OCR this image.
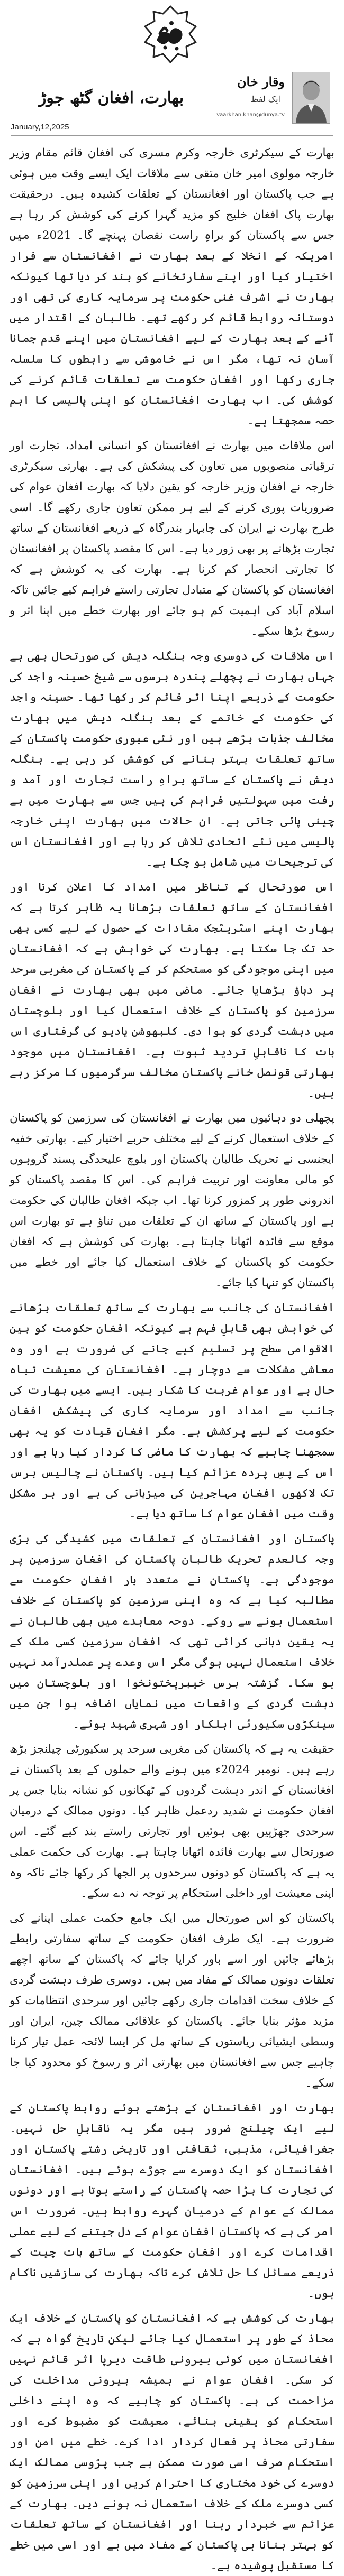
وقار خان
ایک لفظ
vaarkhan.khan@dunya.tv
بھارت، افغان گٹھ جوڑ
January,12,2025

بھارت کے سیکرٹری خارجہ وکرم مسری کی افغان قائم مقام وزیر خارجہ مولوی امیر خان متقی سے ملاقات ایک ایسے وقت میں ہوئی ہے جب پاکستان اور افغانستان کے تعلقات کشیدہ ہیں۔ درحقیقت بھارت پاک افغان خلیج کو مزید گہرا کرنے کی کوشش کر رہا ہے جس سے پاکستان کو براہِ راست نقصان پہنچے گا۔ 2021ء میں امریکہ کے انخلا کے بعد بھارت نے افغانستان سے فرار اختیار کیا اور اپنے سفارتخانے کو بند کر دیا تھا کیونکہ بھارت نے اشرف غنی حکومت پر سرمایہ کاری کی تھی اور دوستانہ روابط قائم کر رکھے تھے۔ طالبان کے اقتدار میں آنے کے بعد بھارت کے لیے افغانستان میں اپنے قدم جمانا آسان نہ تھا، مگر اس نے خاموشی سے رابطوں کا سلسلہ جاری رکھا اور افغان حکومت سے تعلقات قائم کرنے کی کوشش کی۔ اب بھارت افغانستان کو اپنی پالیسی کا اہم حصہ سمجھتا ہے۔

اس ملاقات میں بھارت نے افغانستان کو انسانی امداد، تجارت اور ترقیاتی منصوبوں میں تعاون کی پیشکش کی ہے۔ بھارتی سیکرٹری خارجہ نے افغان وزیر خارجہ کو یقین دلایا کہ بھارت افغان عوام کی ضروریات پوری کرنے کے لیے ہر ممکن تعاون جاری رکھے گا۔ اسی طرح بھارت نے ایران کی چابہار بندرگاہ کے ذریعے افغانستان کے ساتھ تجارت بڑھانے پر بھی زور دیا ہے۔ اس کا مقصد پاکستان پر افغانستان کا تجارتی انحصار کم کرنا ہے۔ بھارت کی یہ کوشش ہے کہ افغانستان کو پاکستان کے متبادل تجارتی راستے فراہم کیے جائیں تاکہ اسلام آباد کی اہمیت کم ہو جائے اور بھارت خطے میں اپنا اثر و رسوخ بڑھا سکے۔

اس ملاقات کی دوسری وجہ بنگلہ دیش کی صورتحال بھی ہے جہاں بھارت نے پچھلے پندرہ برسوں سے شیخ حسینہ واجد کی حکومت کے ذریعے اپنا اثر قائم کر رکھا تھا۔ حسینہ واجد کی حکومت کے خاتمے کے بعد بنگلہ دیش میں بھارت مخالف جذبات بڑھے ہیں اور نئی عبوری حکومت پاکستان کے ساتھ تعلقات بہتر بنانے کی کوشش کر رہی ہے۔ بنگلہ دیش نے پاکستان کے ساتھ براہِ راست تجارت اور آمد و رفت میں سہولتیں فراہم کی ہیں جس سے بھارت میں بے چینی پائی جاتی ہے۔ ان حالات میں بھارت اپنی خارجہ پالیسی میں نئے اتحادی تلاش کر رہا ہے اور افغانستان اس کی ترجیحات میں شامل ہو چکا ہے۔

اس صورتحال کے تناظر میں امداد کا اعلان کرنا اور افغانستان کے ساتھ تعلقات بڑھانا یہ ظاہر کرتا ہے کہ بھارت اپنے اسٹریٹجک مفادات کے حصول کے لیے کسی بھی حد تک جا سکتا ہے۔ بھارت کی خواہش ہے کہ افغانستان میں اپنی موجودگی کو مستحکم کر کے پاکستان کی مغربی سرحد پر دباؤ بڑھایا جائے۔ ماضی میں بھی بھارت نے افغان سرزمین کو پاکستان کے خلاف استعمال کیا اور بلوچستان میں دہشت گردی کو ہوا دی۔ کلبھوشن یادیو کی گرفتاری اس بات کا ناقابلِ تردید ثبوت ہے۔ افغانستان میں موجود بھارتی قونصل خانے پاکستان مخالف سرگرمیوں کا مرکز رہے ہیں۔

پچھلی دو دہائیوں میں بھارت نے افغانستان کی سرزمین کو پاکستان کے خلاف استعمال کرنے کے لیے مختلف حربے اختیار کیے۔ بھارتی خفیہ ایجنسی نے تحریک طالبان پاکستان اور بلوچ علیحدگی پسند گروہوں کو مالی معاونت اور تربیت فراہم کی۔ اس کا مقصد پاکستان کو اندرونی طور پر کمزور کرنا تھا۔ اب جبکہ افغان طالبان کی حکومت ہے اور پاکستان کے ساتھ ان کے تعلقات میں تناؤ ہے تو بھارت اس موقع سے فائدہ اٹھانا چاہتا ہے۔ بھارت کی کوشش ہے کہ افغان حکومت کو پاکستان کے خلاف استعمال کیا جائے اور خطے میں پاکستان کو تنہا کیا جائے۔

افغانستان کی جانب سے بھارت کے ساتھ تعلقات بڑھانے کی خواہش بھی قابلِ فہم ہے کیونکہ افغان حکومت کو بین الاقوامی سطح پر تسلیم کیے جانے کی ضرورت ہے اور وہ معاشی مشکلات سے دوچار ہے۔ افغانستان کی معیشت تباہ حال ہے اور عوام غربت کا شکار ہیں۔ ایسے میں بھارت کی جانب سے امداد اور سرمایہ کاری کی پیشکش افغان حکومت کے لیے پرکشش ہے۔ مگر افغان قیادت کو یہ بھی سمجھنا چاہیے کہ بھارت کا ماضی کا کردار کیا رہا ہے اور اس کے پسِ پردہ عزائم کیا ہیں۔ پاکستان نے چالیس برس تک لاکھوں افغان مہاجرین کی میزبانی کی ہے اور ہر مشکل وقت میں افغان عوام کا ساتھ دیا ہے۔

پاکستان اور افغانستان کے تعلقات میں کشیدگی کی بڑی وجہ کالعدم تحریک طالبان پاکستان کی افغان سرزمین پر موجودگی ہے۔ پاکستان نے متعدد بار افغان حکومت سے مطالبہ کیا ہے کہ وہ اپنی سرزمین کو پاکستان کے خلاف استعمال ہونے سے روکے۔ دوحہ معاہدے میں بھی طالبان نے یہ یقین دہانی کرائی تھی کہ افغان سرزمین کسی ملک کے خلاف استعمال نہیں ہوگی مگر اس وعدے پر عملدرآمد نہیں ہو سکا۔ گزشتہ برس خیبرپختونخوا اور بلوچستان میں دہشت گردی کے واقعات میں نمایاں اضافہ ہوا جن میں سینکڑوں سکیورٹی اہلکار اور شہری شہید ہوئے۔

حقیقت یہ ہے کہ پاکستان کی مغربی سرحد پر سکیورٹی چیلنجز بڑھ رہے ہیں۔ نومبر 2024ء میں ہونے والے حملوں کے بعد پاکستان نے افغانستان کے اندر دہشت گردوں کے ٹھکانوں کو نشانہ بنایا جس پر افغان حکومت نے شدید ردعمل ظاہر کیا۔ دونوں ممالک کے درمیان سرحدی جھڑپیں بھی ہوئیں اور تجارتی راستے بند کیے گئے۔ اس صورتحال سے بھارت فائدہ اٹھانا چاہتا ہے۔ بھارت کی حکمت عملی یہ ہے کہ پاکستان کو دونوں سرحدوں پر الجھا کر رکھا جائے تاکہ وہ اپنی معیشت اور داخلی استحکام پر توجہ نہ دے سکے۔

پاکستان کو اس صورتحال میں ایک جامع حکمت عملی اپنانے کی ضرورت ہے۔ ایک طرف افغان حکومت کے ساتھ سفارتی رابطے بڑھائے جائیں اور اسے باور کرایا جائے کہ پاکستان کے ساتھ اچھے تعلقات دونوں ممالک کے مفاد میں ہیں۔ دوسری طرف دہشت گردی کے خلاف سخت اقدامات جاری رکھے جائیں اور سرحدی انتظامات کو مزید مؤثر بنایا جائے۔ پاکستان کو علاقائی ممالک چین، ایران اور وسطی ایشیائی ریاستوں کے ساتھ مل کر ایسا لائحہ عمل تیار کرنا چاہیے جس سے افغانستان میں بھارتی اثر و رسوخ کو محدود کیا جا سکے۔

بھارت اور افغانستان کے بڑھتے ہوئے روابط پاکستان کے لیے ایک چیلنج ضرور ہیں مگر یہ ناقابلِ حل نہیں۔ جغرافیائی، مذہبی، ثقافتی اور تاریخی رشتے پاکستان اور افغانستان کو ایک دوسرے سے جوڑے ہوئے ہیں۔ افغانستان کی تجارت کا بڑا حصہ پاکستان کے راستے ہوتا ہے اور دونوں ممالک کے عوام کے درمیان گہرے روابط ہیں۔ ضرورت اس امر کی ہے کہ پاکستان افغان عوام کے دل جیتنے کے لیے عملی اقدامات کرے اور افغان حکومت کے ساتھ بات چیت کے ذریعے مسائل کا حل تلاش کرے تاکہ بھارت کی سازشیں ناکام ہوں۔

بھارت کی کوشش ہے کہ افغانستان کو پاکستان کے خلاف ایک محاذ کے طور پر استعمال کیا جائے لیکن تاریخ گواہ ہے کہ افغانستان میں کوئی بیرونی طاقت دیرپا اثر قائم نہیں کر سکی۔ افغان عوام نے ہمیشہ بیرونی مداخلت کی مزاحمت کی ہے۔ پاکستان کو چاہیے کہ وہ اپنے داخلی استحکام کو یقینی بنائے، معیشت کو مضبوط کرے اور سفارتی محاذ پر فعال کردار ادا کرے۔ خطے میں امن اور استحکام صرف اسی صورت ممکن ہے جب پڑوسی ممالک ایک دوسرے کی خود مختاری کا احترام کریں اور اپنی سرزمین کو کسی دوسرے ملک کے خلاف استعمال نہ ہونے دیں۔ بھارت کے عزائم سے خبردار رہنا اور افغانستان کے ساتھ تعلقات کو بہتر بنانا ہی پاکستان کے مفاد میں ہے اور اسی میں خطے کا مستقبل پوشیدہ ہے۔
